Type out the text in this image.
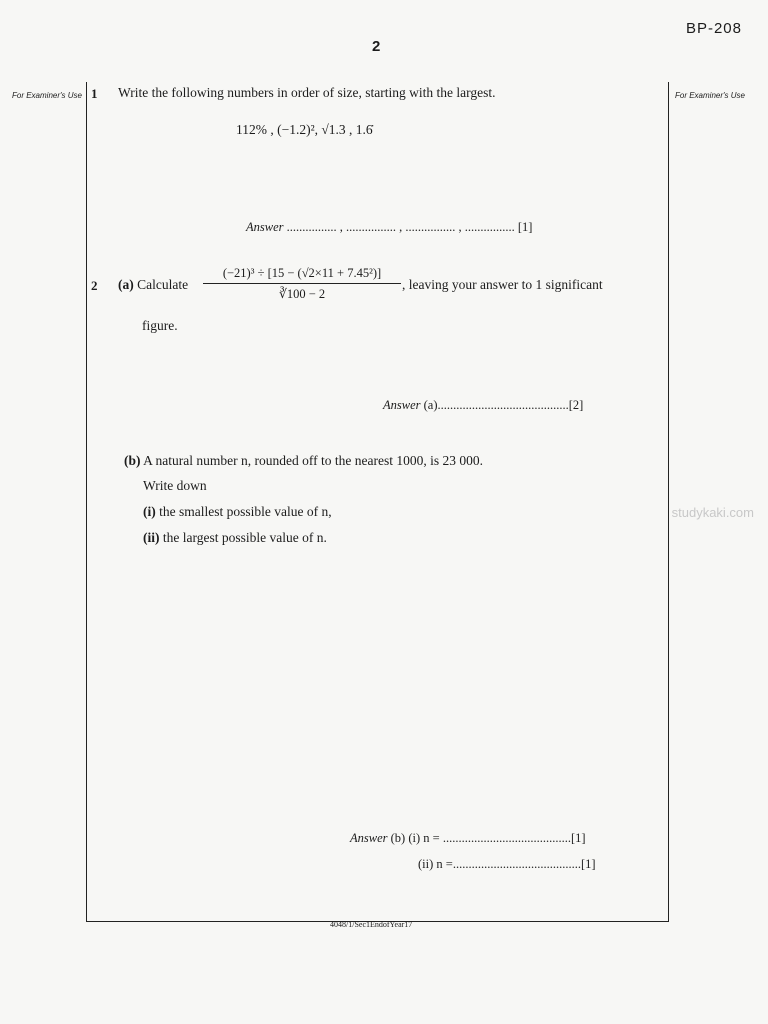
BP-208
2
For Examiner's Use	For Examiner's Use
1 Write the following numbers in order of size, starting with the largest.
112% , (−1.2)², √1.3 , 1.6̇
Answer ................ , ................ , ................ , ................ [1]
2 (a) Calculate
(−21)³ ÷ [15 − (√2×11 + 7.45²)]
∛100 − 2
, leaving your answer to 1 significant
figure.
Answer (a)..........................................[2]
(b) A natural number n, rounded off to the nearest 1000, is 23 000.
Write down
(i) the smallest possible value of n,
(ii) the largest possible value of n.
Answer (b) (i) n = .........................................[1]
(ii) n =.........................................[1]
studykaki.com
4048/1/Sec1EndofYear17
